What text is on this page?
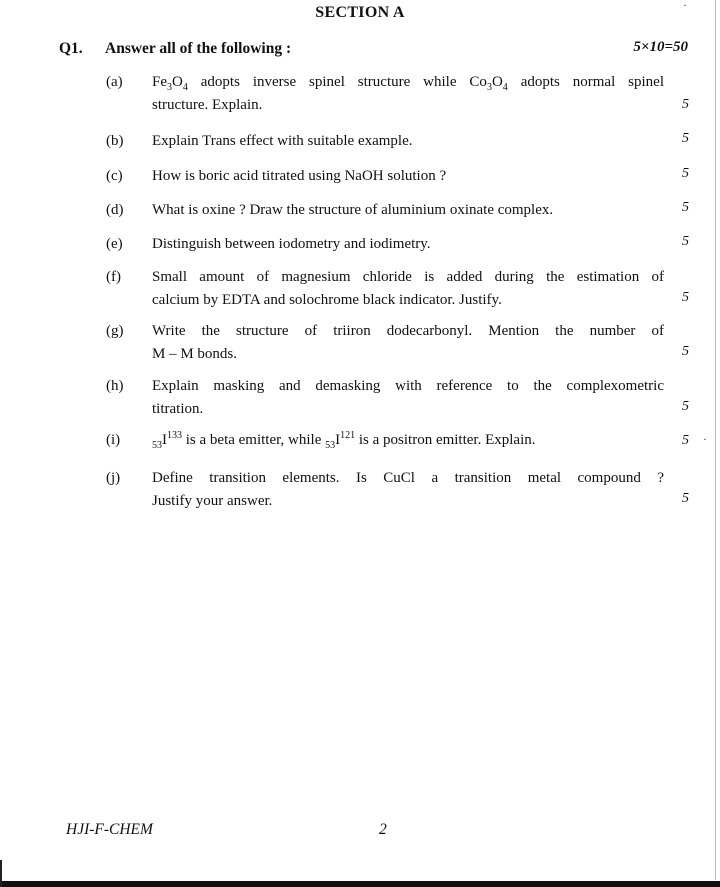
·
·
SECTION A
Q1. Answer all of the following :	5×10=50
(a) $Fe_3O_4$ adopts inverse spinel structure while $Co_3O_4$ adopts normal spinel
structure. Explain.	5
(b) Explain Trans effect with suitable example.	5
(c) How is boric acid titrated using NaOH solution ?	5
(d) What is oxine ? Draw the structure of aluminium oxinate complex.	5
(e) Distinguish between iodometry and iodimetry.	5
(f) Small amount of magnesium chloride is added during the estimation of
calcium by EDTA and solochrome black indicator. Justify.	5
(g) Write the structure of triiron dodecarbonyl. Mention the number of
M – M bonds.	5
(h) Explain masking and demasking with reference to the complexometric
titration.	5
(i)	$_{53}I^{133}$ is a beta emitter, while $_{53}I^{121}$ is a positron emitter. Explain.	5
(j) Define transition elements. Is CuCl a transition metal compound ?
Justify your answer.	5
HJI-F-CHEM	2
